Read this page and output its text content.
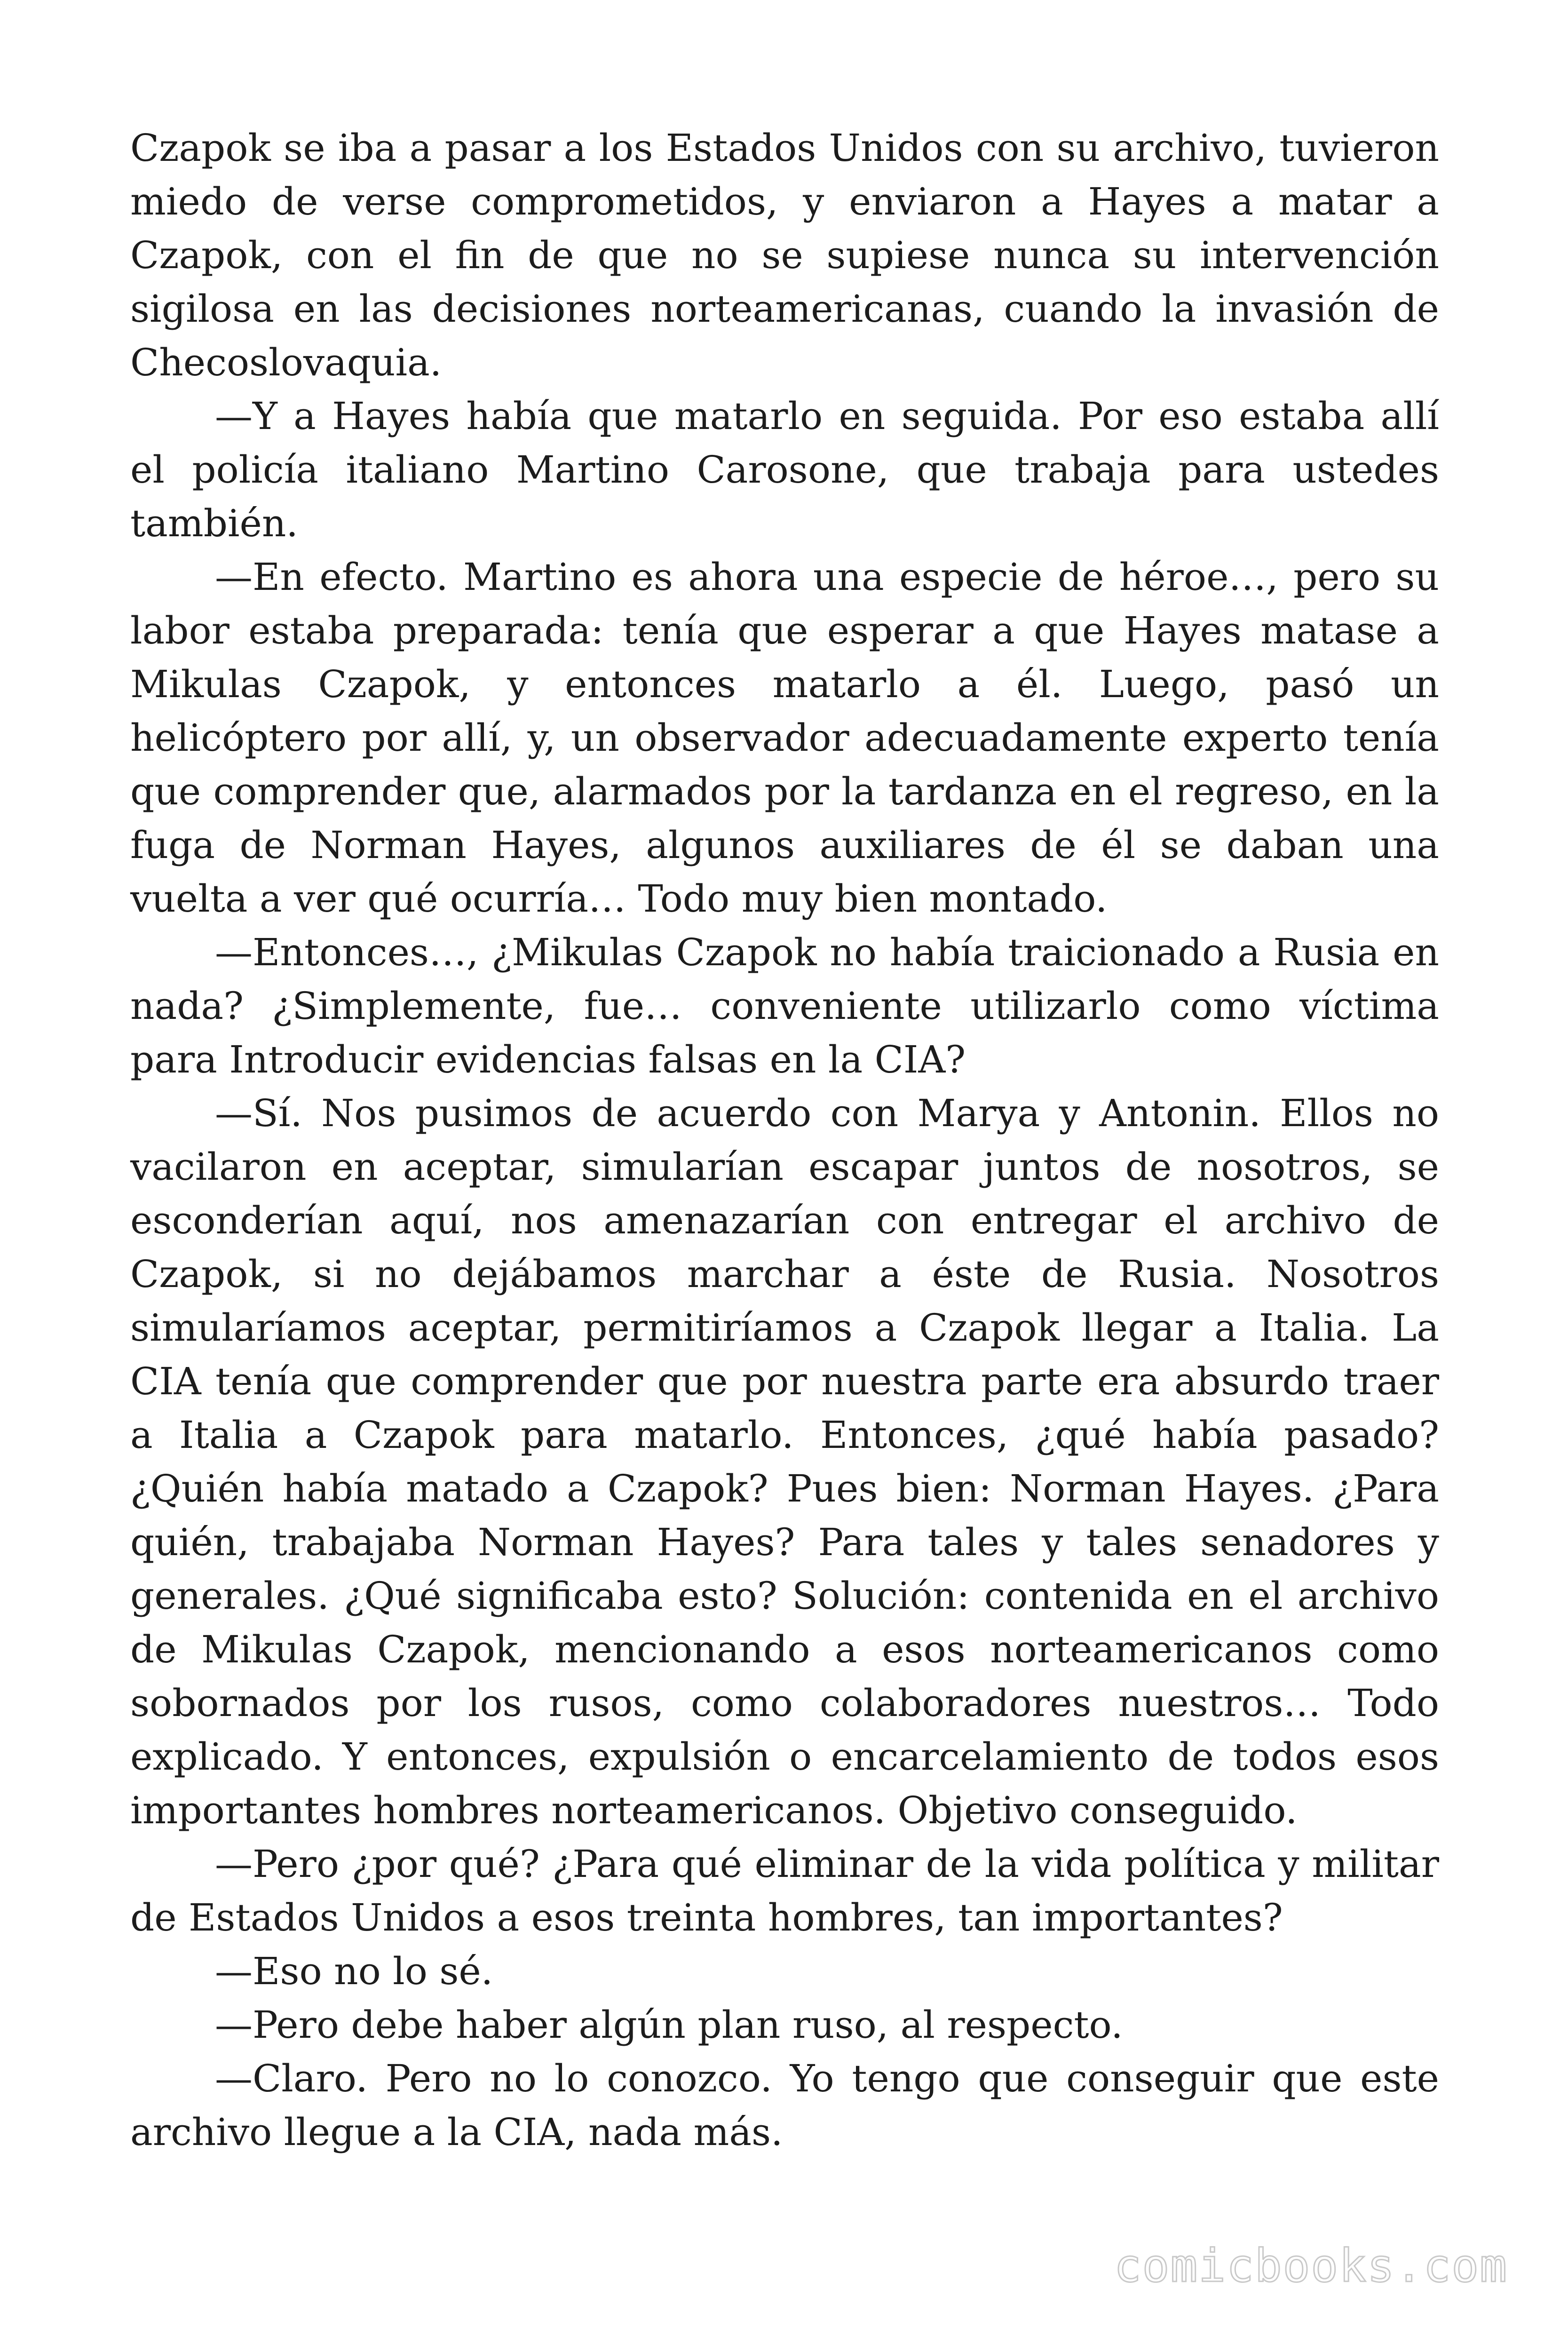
Czapok se iba a pasar a los Estados Unidos con su archivo, tuvieron miedo de verse comprometidos, y enviaron a Hayes a matar a Czapok, con el fin de que no se supiese nunca su intervención sigilosa en las decisiones norteamericanas, cuando la invasión de Checoslovaquia.

—Y a Hayes había que matarlo en seguida. Por eso estaba allí el policía italiano Martino Carosone, que trabaja para ustedes también.

—En efecto. Martino es ahora una especie de héroe…, pero su labor estaba preparada: tenía que esperar a que Hayes matase a Mikulas Czapok, y entonces matarlo a él. Luego, pasó un helicóptero por allí, y, un observador adecuadamente experto tenía que comprender que, alarmados por la tardanza en el regreso, en la fuga de Norman Hayes, algunos auxiliares de él se daban una vuelta a ver qué ocurría… Todo muy bien montado.

—Entonces…, ¿Mikulas Czapok no había traicionado a Rusia en nada? ¿Simplemente, fue… conveniente utilizarlo como víctima para Introducir evidencias falsas en la CIA?

—Sí. Nos pusimos de acuerdo con Marya y Antonin. Ellos no vacilaron en aceptar, simularían escapar juntos de nosotros, se esconderían aquí, nos amenazarían con entregar el archivo de Czapok, si no dejábamos marchar a éste de Rusia. Nosotros simularíamos aceptar, permitiríamos a Czapok llegar a Italia. La CIA tenía que comprender que por nuestra parte era absurdo traer a Italia a Czapok para matarlo. Entonces, ¿qué había pasado? ¿Quién había matado a Czapok? Pues bien: Norman Hayes. ¿Para quién, trabajaba Norman Hayes? Para tales y tales senadores y generales. ¿Qué significaba esto? Solución: contenida en el archivo de Mikulas Czapok, mencionando a esos norteamericanos como sobornados por los rusos, como colaboradores nuestros… Todo explicado. Y entonces, expulsión o encarcelamiento de todos esos importantes hombres norteamericanos. Objetivo conseguido.

—Pero ¿por qué? ¿Para qué eliminar de la vida política y militar de Estados Unidos a esos treinta hombres, tan importantes?

—Eso no lo sé.

—Pero debe haber algún plan ruso, al respecto.

—Claro. Pero no lo conozco. Yo tengo que conseguir que este archivo llegue a la CIA, nada más.

comicbooks.com
